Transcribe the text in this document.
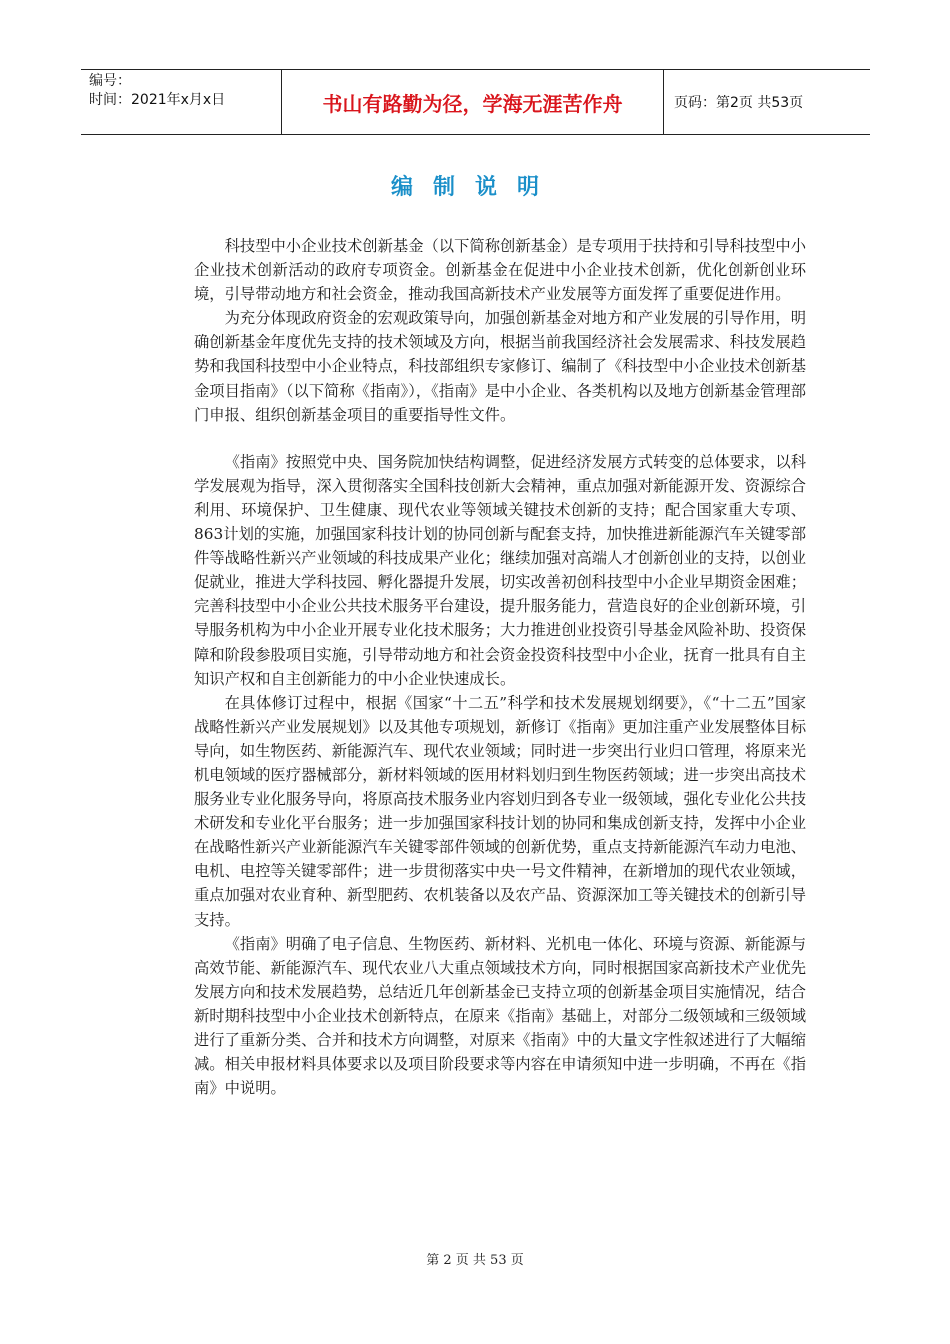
编号：
时间：2021年x月x日	书山有路勤为径，学海无涯苦作舟	页码：第2页 共53页
编制说明

科技型中小企业技术创新基金（以下简称创新基金）是专项用于扶持和引导科技型中小企业技术创新活动的政府专项资金。创新基金在促进中小企业技术创新，优化创新创业环境，引导带动地方和社会资金，推动我国高新技术产业发展等方面发挥了重要促进作用。

为充分体现政府资金的宏观政策导向，加强创新基金对地方和产业发展的引导作用，明确创新基金年度优先支持的技术领域及方向，根据当前我国经济社会发展需求、科技发展趋势和我国科技型中小企业特点，科技部组织专家修订、编制了《科技型中小企业技术创新基金项目指南》（以下简称《指南》），《指南》是中小企业、各类机构以及地方创新基金管理部门申报、组织创新基金项目的重要指导性文件。

《指南》按照党中央、国务院加快结构调整，促进经济发展方式转变的总体要求，以科学发展观为指导，深入贯彻落实全国科技创新大会精神，重点加强对新能源开发、资源综合利用、环境保护、卫生健康、现代农业等领域关键技术创新的支持；配合国家重大专项、863计划的实施，加强国家科技计划的协同创新与配套支持，加快推进新能源汽车关键零部件等战略性新兴产业领域的科技成果产业化；继续加强对高端人才创新创业的支持，以创业促就业，推进大学科技园、孵化器提升发展，切实改善初创科技型中小企业早期资金困难；完善科技型中小企业公共技术服务平台建设，提升服务能力，营造良好的企业创新环境，引导服务机构为中小企业开展专业化技术服务；大力推进创业投资引导基金风险补助、投资保障和阶段参股项目实施，引导带动地方和社会资金投资科技型中小企业，抚育一批具有自主知识产权和自主创新能力的中小企业快速成长。

在具体修订过程中，根据《国家“十二五”科学和技术发展规划纲要》，《“十二五”国家战略性新兴产业发展规划》以及其他专项规划，新修订《指南》更加注重产业发展整体目标导向，如生物医药、新能源汽车、现代农业领域；同时进一步突出行业归口管理，将原来光机电领域的医疗器械部分，新材料领域的医用材料划归到生物医药领域；进一步突出高技术服务业专业化服务导向，将原高技术服务业内容划归到各专业一级领域，强化专业化公共技术研发和专业化平台服务；进一步加强国家科技计划的协同和集成创新支持，发挥中小企业在战略性新兴产业新能源汽车关键零部件领域的创新优势，重点支持新能源汽车动力电池、电机、电控等关键零部件；进一步贯彻落实中央一号文件精神，在新增加的现代农业领域，重点加强对农业育种、新型肥药、农机装备以及农产品、资源深加工等关键技术的创新引导支持。

《指南》明确了电子信息、生物医药、新材料、光机电一体化、环境与资源、新能源与高效节能、新能源汽车、现代农业八大重点领域技术方向，同时根据国家高新技术产业优先发展方向和技术发展趋势，总结近几年创新基金已支持立项的创新基金项目实施情况，结合新时期科技型中小企业技术创新特点，在原来《指南》基础上，对部分二级领域和三级领域进行了重新分类、合并和技术方向调整，对原来《指南》中的大量文字性叙述进行了大幅缩减。相关申报材料具体要求以及项目阶段要求等内容在申请须知中进一步明确，不再在《指南》中说明。

第 2 页 共 53 页
